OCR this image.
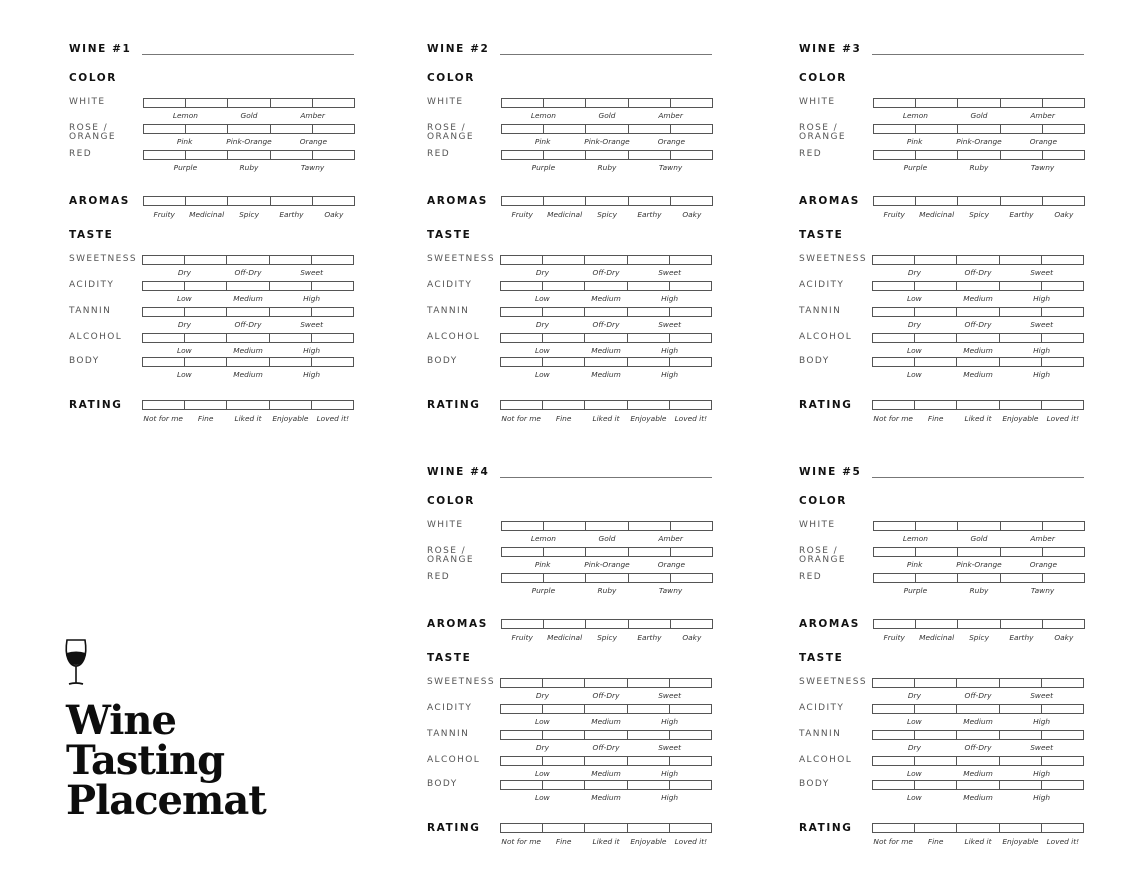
WINE #1
COLOR
WHITE
Lemon	Gold	Amber
ROSE /
ORANGE	Pink	Pink-Orange	Orange
RED
Purple	Ruby	Tawny
AROMAS
Fruity	Medicinal	Spicy	Earthy	Oaky
TASTE
SWEETNESS
Dry	Off-Dry	Sweet
ACIDITY
Low	Medium	High
TANNIN
Dry	Off-Dry	Sweet
ALCOHOL
Low	Medium	High
BODY
Low	Medium	High
RATING
Not for me	Fine	Liked it	Enjoyable	Loved it!
WINE #2
COLOR
WHITE
Lemon	Gold	Amber
ROSE /
ORANGE	Pink	Pink-Orange	Orange
RED
Purple	Ruby	Tawny
AROMAS
Fruity	Medicinal	Spicy	Earthy	Oaky
TASTE
SWEETNESS
Dry	Off-Dry	Sweet
ACIDITY
Low	Medium	High
TANNIN
Dry	Off-Dry	Sweet
ALCOHOL
Low	Medium	High
BODY
Low	Medium	High
RATING
Not for me	Fine	Liked it	Enjoyable	Loved it!
WINE #3
COLOR
WHITE
Lemon	Gold	Amber
ROSE /
ORANGE	Pink	Pink-Orange	Orange
RED
Purple	Ruby	Tawny
AROMAS
Fruity	Medicinal	Spicy	Earthy	Oaky
TASTE
SWEETNESS
Dry	Off-Dry	Sweet
ACIDITY
Low	Medium	High
TANNIN
Dry	Off-Dry	Sweet
ALCOHOL
Low	Medium	High
BODY
Low	Medium	High
RATING
Not for me	Fine	Liked it	Enjoyable	Loved it!
WINE #4
COLOR
WHITE
Lemon	Gold	Amber
ROSE /
ORANGE	Pink	Pink-Orange	Orange
RED
Purple	Ruby	Tawny
AROMAS
Fruity	Medicinal	Spicy	Earthy	Oaky
TASTE
SWEETNESS
Dry	Off-Dry	Sweet
ACIDITY
Low	Medium	High
TANNIN
Dry	Off-Dry	Sweet
ALCOHOL
Low	Medium	High
BODY
Low	Medium	High
RATING
Not for me	Fine	Liked it	Enjoyable	Loved it!
WINE #5
COLOR
WHITE
Lemon	Gold	Amber
ROSE /
ORANGE	Pink	Pink-Orange	Orange
RED
Purple	Ruby	Tawny
AROMAS
Fruity	Medicinal	Spicy	Earthy	Oaky
TASTE
SWEETNESS
Dry	Off-Dry	Sweet
ACIDITY
Low	Medium	High
TANNIN
Dry	Off-Dry	Sweet
ALCOHOL
Low	Medium	High
BODY
Low	Medium	High
RATING
Not for me	Fine	Liked it	Enjoyable	Loved it!
Wine
Tasting
Placemat
